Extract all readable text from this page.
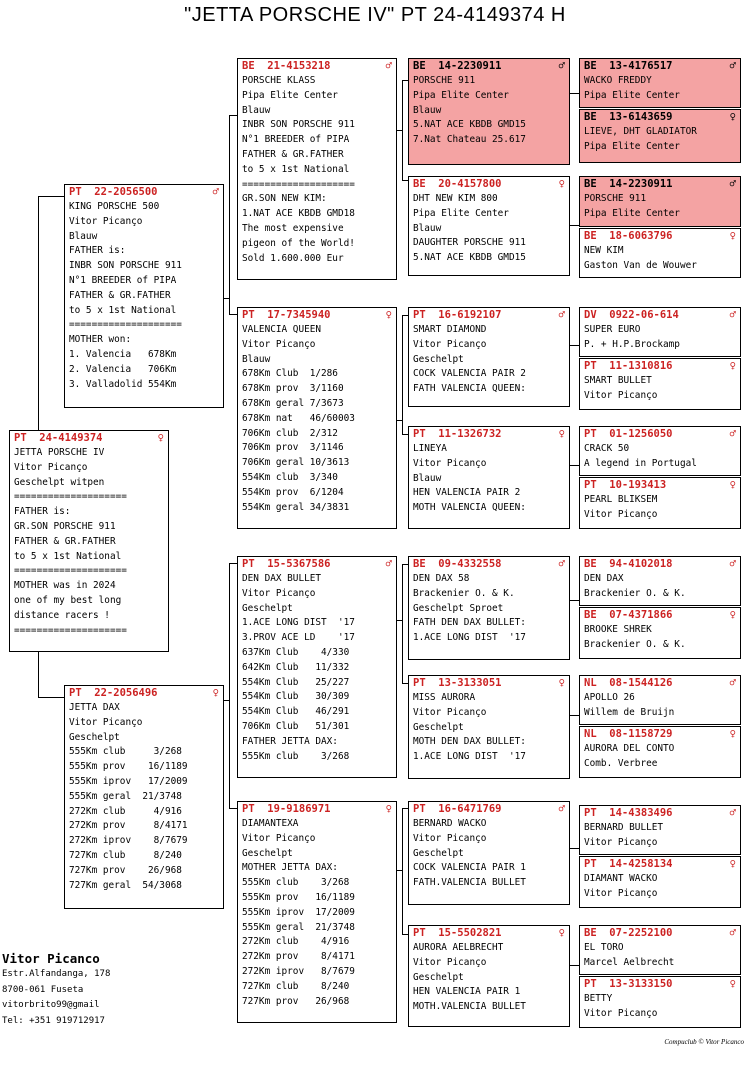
"JETTA PORSCHE IV" PT 24-4149374 H
PT  24-4149374	♀
JETTA PORSCHE IV
Vitor Picanço
Geschelpt witpen
====================
FATHER is:
GR.SON PORSCHE 911
FATHER & GR.FATHER
to 5 x 1st National
====================
MOTHER was in 2024
one of my best long
distance racers !
====================
PT  22-2056500	♂
KING PORSCHE 500
Vitor Picanço
Blauw
FATHER is:
INBR SON PORSCHE 911
N°1 BREEDER of PIPA
FATHER & GR.FATHER
to 5 x 1st National
====================
MOTHER won:
1. Valencia   678Km
2. Valencia   706Km
3. Valladolid 554Km
PT  22-2056496	♀
JETTA DAX
Vitor Picanço
Geschelpt
555Km club     3/268
555Km prov    16/1189
555Km iprov   17/2009
555Km geral  21/3748
272Km club     4/916
272Km prov     8/4171
272Km iprov    8/7679
727Km club     8/240
727Km prov    26/968
727Km geral  54/3068
BE  21-4153218	♂
PORSCHE KLASS
Pipa Elite Center
Blauw
INBR SON PORSCHE 911
N°1 BREEDER of PIPA
FATHER & GR.FATHER
to 5 x 1st National
====================
GR.SON NEW KIM:
1.NAT ACE KBDB GMD18
The most expensive
pigeon of the World!
Sold 1.600.000 Eur
PT  17-7345940	♀
VALENCIA QUEEN
Vitor Picanço
Blauw
678Km Club  1/286
678Km prov  3/1160
678Km geral 7/3673
678Km nat   46/60003
706Km club  2/312
706Km prov  3/1146
706Km geral 10/3613
554Km club  3/340
554Km prov  6/1204
554Km geral 34/3831
PT  15-5367586	♂
DEN DAX BULLET
Vitor Picanço
Geschelpt
1.ACE LONG DIST  '17
3.PROV ACE LD    '17
637Km Club    4/330
642Km Club   11/332
554Km Club   25/227
554Km Club   30/309
554Km Club   46/291
706Km Club   51/301
FATHER JETTA DAX:
555Km club    3/268
PT  19-9186971	♀
DIAMANTEXA
Vitor Picanço
Geschelpt
MOTHER JETTA DAX:
555Km club    3/268
555Km prov   16/1189
555Km iprov  17/2009
555Km geral  21/3748
272Km club    4/916
272Km prov    8/4171
272Km iprov   8/7679
727Km club    8/240
727Km prov   26/968
BE  14-2230911	♂
PORSCHE 911
Pipa Elite Center
Blauw
5.NAT ACE KBDB GMD15
7.Nat Chateau 25.617
BE  20-4157800	♀
DHT NEW KIM 800
Pipa Elite Center
Blauw
DAUGHTER PORSCHE 911
5.NAT ACE KBDB GMD15
PT  16-6192107	♂
SMART DIAMOND
Vitor Picanço
Geschelpt
COCK VALENCIA PAIR 2
FATH VALENCIA QUEEN:
PT  11-1326732	♀
LINEYA
Vitor Picanço
Blauw
HEN VALENCIA PAIR 2
MOTH VALENCIA QUEEN:
BE  09-4332558	♂
DEN DAX 58
Brackenier O. & K.
Geschelpt Sproet
FATH DEN DAX BULLET:
1.ACE LONG DIST  '17
PT  13-3133051	♀
MISS AURORA
Vitor Picanço
Geschelpt
MOTH DEN DAX BULLET:
1.ACE LONG DIST  '17
PT  16-6471769	♂
BERNARD WACKO
Vitor Picanço
Geschelpt
COCK VALENCIA PAIR 1
FATH.VALENCIA BULLET
PT  15-5502821	♀
AURORA AELBRECHT
Vitor Picanço
Geschelpt
HEN VALENCIA PAIR 1
MOTH.VALENCIA BULLET
BE  13-4176517	♂
WACKO FREDDY
Pipa Elite Center
BE  13-6143659	♀
LIEVE, DHT GLADIATOR
Pipa Elite Center
BE  14-2230911	♂
PORSCHE 911
Pipa Elite Center
BE  18-6063796	♀
NEW KIM
Gaston Van de Wouwer
DV  0922-06-614	♂
SUPER EURO
P. + H.P.Brockamp
PT  11-1310816	♀
SMART BULLET
Vitor Picanço
PT  01-1256050	♂
CRACK 50
A legend in Portugal
PT  10-193413	♀
PEARL BLIKSEM
Vitor Picanço
BE  94-4102018	♂
DEN DAX
Brackenier O. & K.
BE  07-4371866	♀
BROOKE SHREK
Brackenier O. & K.
NL  08-1544126	♂
APOLLO 26
Willem de Bruijn
NL  08-1158729	♀
AURORA DEL CONTO
Comb. Verbree
PT  14-4383496	♂
BERNARD BULLET
Vitor Picanço
PT  14-4258134	♀
DIAMANT WACKO
Vitor Picanço
BE  07-2252100	♂
EL TORO
Marcel Aelbrecht
PT  13-3133150	♀
BETTY
Vitor Picanço
Vitor Picanco
Estr.Alfandanga, 178
8700-061 Fuseta
vitorbrito99@gmail
Tel: +351 919712917
Compuclub © Vitor Picanco
